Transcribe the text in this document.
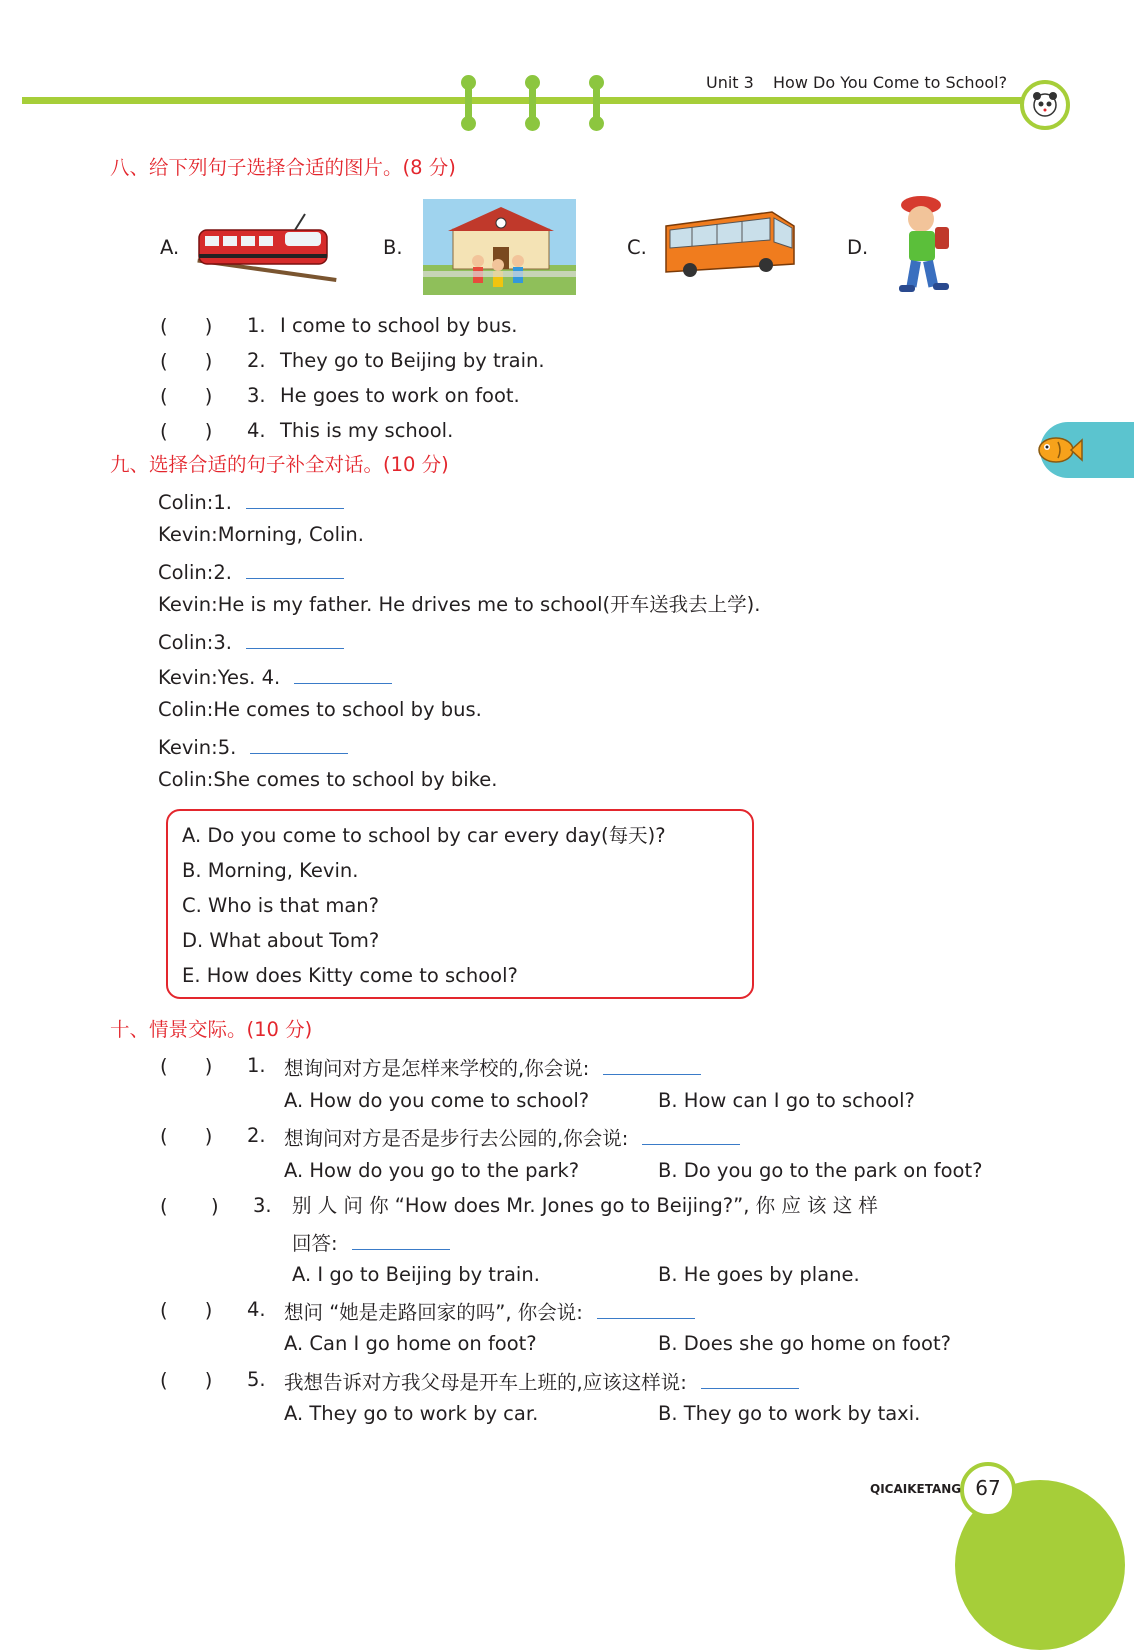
Unit 3 How Do You Come to School?
八、给下列句子选择合适的图片。(8 分)
A.	B.	C.	D.
(      ) 1. I come to school by bus.
(      ) 2. They go to Beijing by train.
(      ) 3. He goes to work on foot.
(      ) 4. This is my school.
九、选择合适的句子补全对话。(10 分)
Colin:1.
Kevin:Morning, Colin.
Colin:2.
Kevin:He is my father. He drives me to school(开车送我去上学).
Colin:3.
Kevin:Yes. 4.
Colin:He comes to school by bus.
Kevin:5.
Colin:She comes to school by bike.
A. Do you come to school by car every day(每天)?
B. Morning, Kevin.
C. Who is that man?
D. What about Tom?
E. How does Kitty come to school?
十、情景交际。(10 分)
(      ) 1. 想询问对方是怎样来学校的,你会说:
A. How do you come to school?	B. How can I go to school?
(      ) 2. 想询问对方是否是步行去公园的,你会说:
A. How do you go to the park?	B. Do you go to the park on foot?
(       ) 3. 别 人 问 你 “How does Mr. Jones go to Beijing?”, 你 应 该 这 样
回答:
A. I go to Beijing by train.	B. He goes by plane.
(      ) 4. 想问 “她是走路回家的吗”, 你会说:
A. Can I go home on foot?	B. Does she go home on foot?
(      ) 5. 我想告诉对方我父母是开车上班的,应该这样说:
A. They go to work by car.	B. They go to work by taxi.
67
QICAIKETANG
